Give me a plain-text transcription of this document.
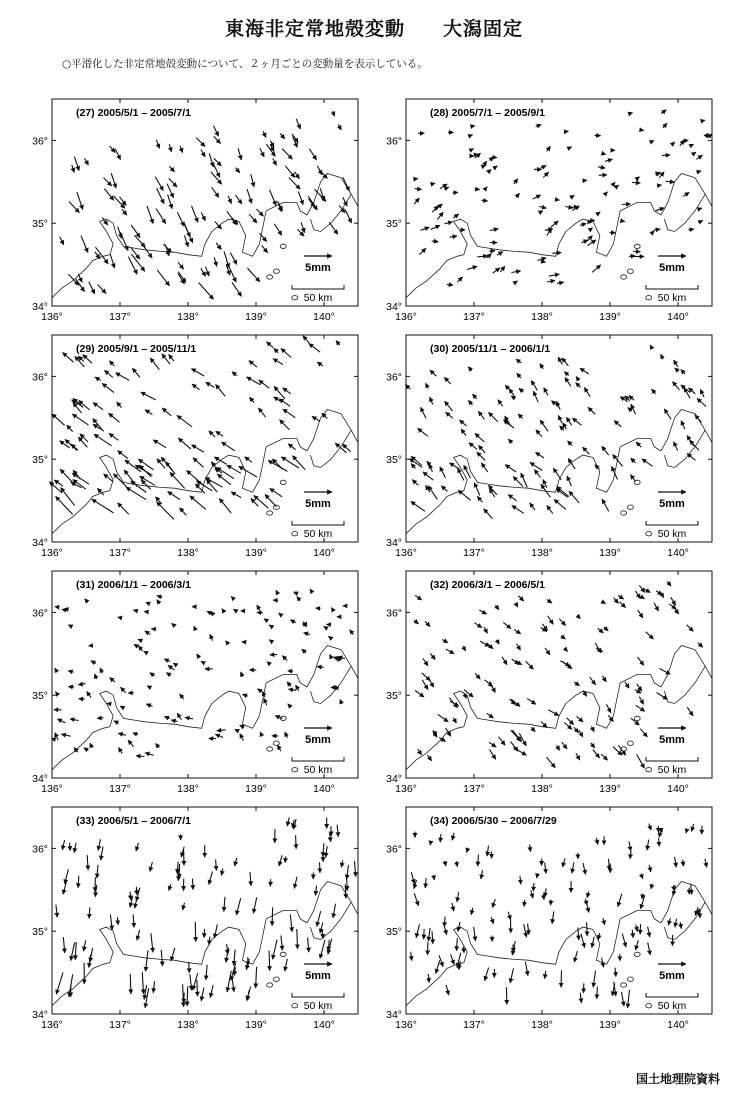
東海非定常地殻変動 大潟固定
○平滑化した非定常地殻変動について、２ヶ月ごとの変動量を表示している。
136°	137°	138°	139°	140°
36°
35°
34°
(27) 2005/5/1 – 2005/7/1
5mm
50 km
136°	137°	138°	139°	140°
36°
35°
34°
(28) 2005/7/1 – 2005/9/1
5mm
50 km
136°	137°	138°	139°	140°
36°
35°
34°
(29) 2005/9/1 – 2005/11/1
5mm
50 km
136°	137°	138°	139°	140°
36°
35°
34°
(30) 2005/11/1 – 2006/1/1
5mm
50 km
136°	137°	138°	139°	140°
36°
35°
34°
(31) 2006/1/1 – 2006/3/1
5mm
50 km
136°	137°	138°	139°	140°
36°
35°
34°
(32) 2006/3/1 – 2006/5/1
5mm
50 km
136°	137°	138°	139°	140°
36°
35°
34°
(33) 2006/5/1 – 2006/7/1
5mm
50 km
136°	137°	138°	139°	140°
36°
35°
34°
(34) 2006/5/30 – 2006/7/29
5mm
50 km
国土地理院資料
